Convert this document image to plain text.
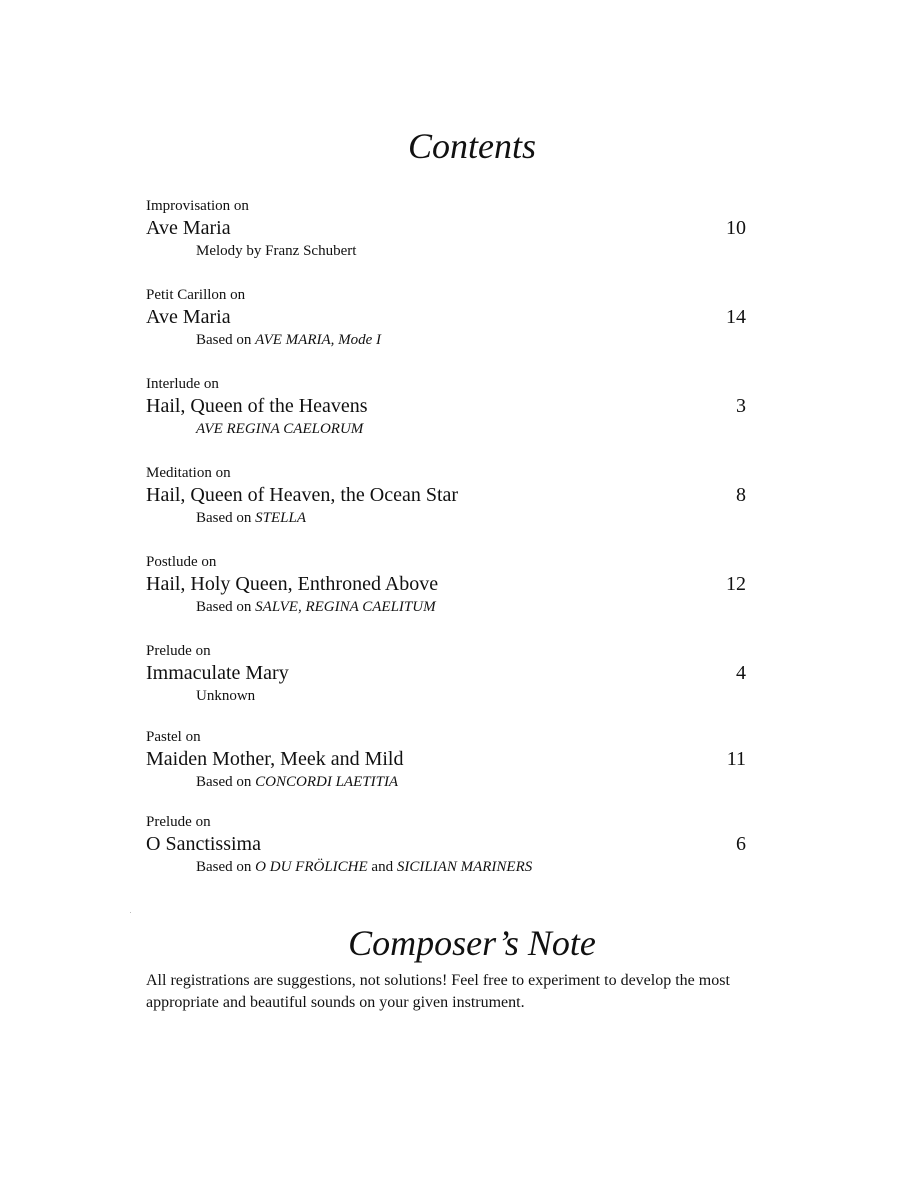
Contents
Improvisation on
Ave Maria
Melody by Franz Schubert
10
Petit Carillon on
Ave Maria
Based on AVE MARIA, Mode I
14
Interlude on
Hail, Queen of the Heavens
AVE REGINA CAELORUM
3
Meditation on
Hail, Queen of Heaven, the Ocean Star
Based on STELLA
8
Postlude on
Hail, Holy Queen, Enthroned Above
Based on SALVE, REGINA CAELITUM
12
Prelude on
Immaculate Mary
Unknown
4
Pastel on
Maiden Mother, Meek and Mild
Based on CONCORDI LAETITIA
11
Prelude on
O Sanctissima
Based on O DU FRÖLICHE and SICILIAN MARINERS
6
Composer’s Note

All registrations are suggestions, not solutions! Feel free to experiment to develop the most appropriate and beautiful sounds on your given instrument.
